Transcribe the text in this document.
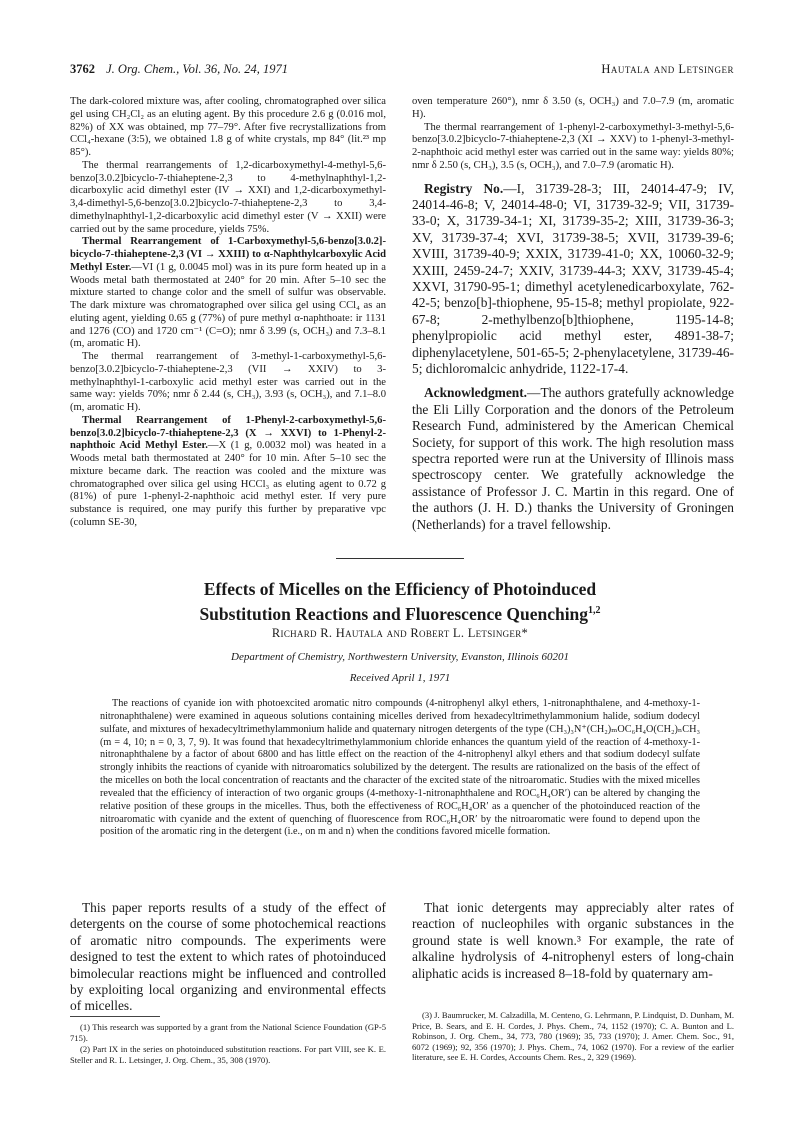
3762 J. Org. Chem., Vol. 36, No. 24, 1971	Hautala and Letsinger

The dark-colored mixture was, after cooling, chromatographed over silica gel using CH₂Cl₂ as an eluting agent. By this procedure 2.6 g (0.016 mol, 82%) of XX was obtained, mp 77–79°. After five recrystallizations from CCl₄-hexane (3:5), we obtained 1.8 g of white crystals, mp 84° (lit.²³ mp 85°).

The thermal rearrangements of 1,2-dicarboxymethyl-4-methyl-5,6-benzo[3.0.2]bicyclo-7-thiaheptene-2,3 to 4-methylnaphthyl-1,2-dicarboxylic acid dimethyl ester (IV → XXI) and 1,2-dicarboxymethyl-3,4-dimethyl-5,6-benzo[3.0.2]bicyclo-7-thiaheptene-2,3 to 3,4-dimethylnaphthyl-1,2-dicarboxylic acid dimethyl ester (V → XXII) were carried out by the same procedure, yields 75%.

Thermal Rearrangement of 1-Carboxymethyl-5,6-benzo[3.0.2]-bicyclo-7-thiaheptene-2,3 (VI → XXIII) to α-Naphthylcarboxylic Acid Methyl Ester.—VI (1 g, 0.0045 mol) was in its pure form heated up in a Woods metal bath thermostated at 240° for 20 min. After 5–10 sec the mixture started to change color and the smell of sulfur was observable. The dark mixture was chromatographed over silica gel using CCl₄ as an eluting agent, yielding 0.65 g (77%) of pure methyl α-naphthoate: ir 1131 and 1276 (CO) and 1720 cm⁻¹ (C=O); nmr δ 3.99 (s, OCH₃) and 7.3–8.1 (m, aromatic H).

The thermal rearrangement of 3-methyl-1-carboxymethyl-5,6-benzo[3.0.2]bicyclo-7-thiaheptene-2,3 (VII → XXIV) to 3-methylnaphthyl-1-carboxylic acid methyl ester was carried out in the same way: yields 70%; nmr δ 2.44 (s, CH₃), 3.93 (s, OCH₃), and 7.1–8.0 (m, aromatic H).

Thermal Rearrangement of 1-Phenyl-2-carboxymethyl-5,6-benzo[3.0.2]bicyclo-7-thiaheptene-2,3 (X → XXVI) to 1-Phenyl-2-naphthoic Acid Methyl Ester.—X (1 g, 0.0032 mol) was heated in a Woods metal bath thermostated at 240° for 10 min. After 5–10 sec the mixture became dark. The reaction was cooled and the mixture was chromatographed over silica gel using HCCl₃ as eluting agent to 0.72 g (81%) of pure 1-phenyl-2-naphthoic acid methyl ester. If very pure substance is required, one may purify this further by preparative vpc (column SE-30,

oven temperature 260°), nmr δ 3.50 (s, OCH₃) and 7.0–7.9 (m, aromatic H).

The thermal rearrangement of 1-phenyl-2-carboxymethyl-3-methyl-5,6-benzo[3.0.2]bicyclo-7-thiaheptene-2,3 (XI → XXV) to 1-phenyl-3-methyl-2-naphthoic acid methyl ester was carried out in the same way: yields 80%; nmr δ 2.50 (s, CH₃), 3.5 (s, OCH₃), and 7.0–7.9 (aromatic H).

Registry No.—I, 31739-28-3; III, 24014-47-9; IV, 24014-46-8; V, 24014-48-0; VI, 31739-32-9; VII, 31739-33-0; X, 31739-34-1; XI, 31739-35-2; XIII, 31739-36-3; XV, 31739-37-4; XVI, 31739-38-5; XVII, 31739-39-6; XVIII, 31739-40-9; XXIX, 31739-41-0; XX, 10060-32-9; XXIII, 2459-24-7; XXIV, 31739-44-3; XXV, 31739-45-4; XXVI, 31790-95-1; dimethyl acetylenedicarboxylate, 762-42-5; benzo[b]-thiophene, 95-15-8; methyl propiolate, 922-67-8; 2-methylbenzo[b]thiophene, 1195-14-8; phenylpropiolic acid methyl ester, 4891-38-7; diphenylacetylene, 501-65-5; 2-phenylacetylene, 31739-46-5; dichloromalcic anhydride, 1122-17-4.

Acknowledgment.—The authors gratefully acknowledge the Eli Lilly Corporation and the donors of the Petroleum Research Fund, administered by the American Chemical Society, for support of this work. The high resolution mass spectra reported were run at the University of Illinois mass spectroscopy center. We gratefully acknowledge the assistance of Professor J. C. Martin in this regard. One of the authors (J. H. D.) thanks the University of Groningen (Netherlands) for a travel fellowship.

Effects of Micelles on the Efficiency of Photoinduced
Substitution Reactions and Fluorescence Quenching$^{1,2}$
Richard R. Hautala and Robert L. Letsinger*
Department of Chemistry, Northwestern University, Evanston, Illinois 60201
Received April 1, 1971

The reactions of cyanide ion with photoexcited aromatic nitro compounds (4-nitrophenyl alkyl ethers, 1-nitronaphthalene, and 4-methoxy-1-nitronaphthalene) were examined in aqueous solutions containing micelles derived from hexadecyltrimethylammonium halide, sodium dodecyl sulfate, and mixtures of hexadecyltrimethylammonium halide and quaternary nitrogen detergents of the type (CH₃)₃N⁺(CH₂)ₘOC₆H₄O(CH₂)ₙCH₃ (m = 4, 10; n = 0, 3, 7, 9). It was found that hexadecyltrimethylammonium chloride enhances the quantum yield of the reaction of 4-methoxy-1-nitronaphthalene by a factor of about 6800 and has little effect on the reaction of the 4-nitrophenyl alkyl ethers and that sodium dodecyl sulfate strongly inhibits the reactions of cyanide with nitroaromatics solubilized by the detergent. The results are rationalized on the basis of the effect of the micelles on both the local concentration of reactants and the character of the excited state of the nitroaromatic. Studies with the mixed micelles revealed that the efficiency of interaction of two organic groups (4-methoxy-1-nitronaphthalene and ROC₆H₄OR′) can be altered by changing the relative position of these groups in the micelles. Thus, both the effectiveness of ROC₆H₄OR′ as a quencher of the photoinduced reaction of the nitroaromatic with cyanide and the extent of quenching of fluorescence from ROC₆H₄OR′ by the nitroaromatic were found to depend upon the position of the aromatic ring in the detergent (i.e., on m and n) when the conditions favored micelle formation.

This paper reports results of a study of the effect of detergents on the course of some photochemical reactions of aromatic nitro compounds. The experiments were designed to test the extent to which rates of photoinduced bimolecular reactions might be influenced and controlled by exploiting local organizing and environmental effects of micelles.

That ionic detergents may appreciably alter rates of reaction of nucleophiles with organic substances in the ground state is well known.³ For example, the rate of alkaline hydrolysis of 4-nitrophenyl esters of long-chain aliphatic acids is increased 8–18-fold by quaternary am-

(1) This research was supported by a grant from the National Science Foundation (GP-5 715).

(2) Part IX in the series on photoinduced substitution reactions. For part VIII, see K. E. Steller and R. L. Letsinger, J. Org. Chem., 35, 308 (1970).

(3) J. Baumrucker, M. Calzadilla, M. Centeno, G. Lehrmann, P. Lindquist, D. Dunham, M. Price, B. Sears, and E. H. Cordes, J. Phys. Chem., 74, 1152 (1970); C. A. Bunton and L. Robinson, J. Org. Chem., 34, 773, 780 (1969); 35, 733 (1970); J. Amer. Chem. Soc., 91, 6072 (1969); 92, 356 (1970); J. Phys. Chem., 74, 1062 (1970). For a review of the earlier literature, see E. H. Cordes, Accounts Chem. Res., 2, 329 (1969).
